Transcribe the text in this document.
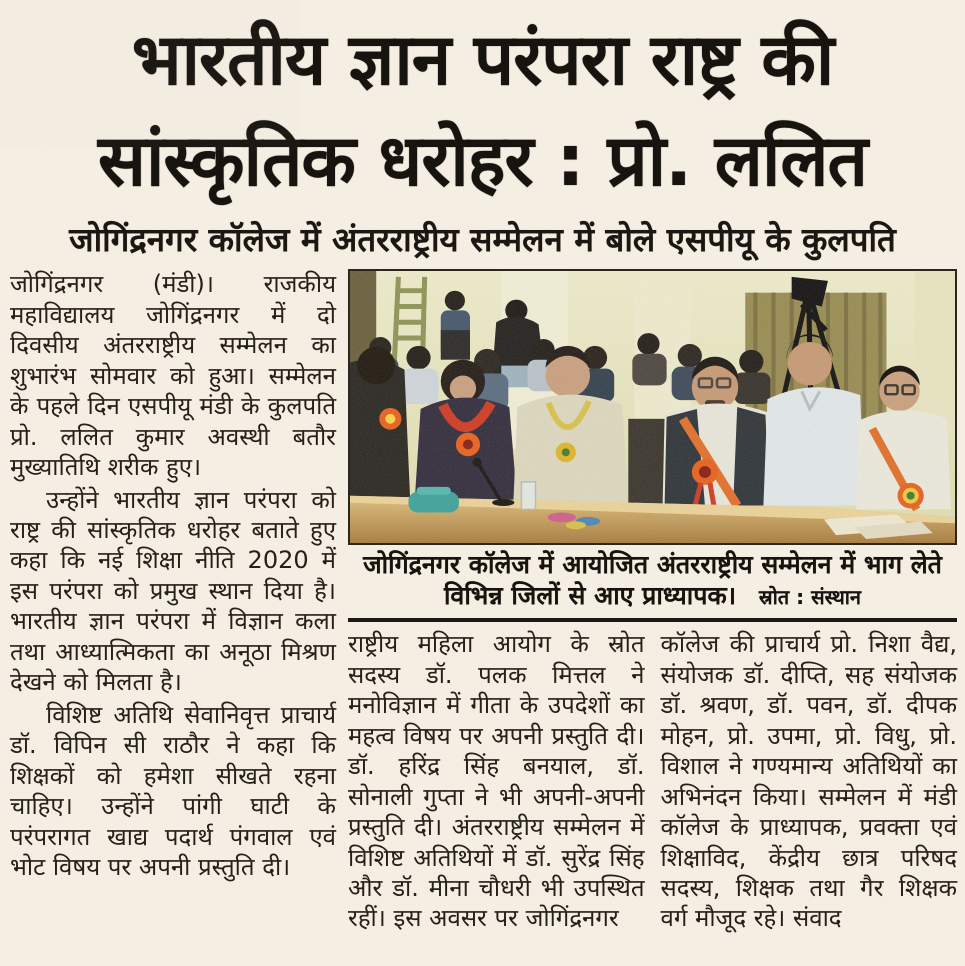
भारतीय ज्ञान परंपरा राष्ट्र की
सांस्कृतिक धरोहर : प्रो. ललित
जोगिंद्रनगर कॉलेज में अंतरराष्ट्रीय सम्मेलन में बोले एसपीयू के कुलपति

जोगिंद्रनगर (मंडी)। राजकीय महाविद्यालय जोगिंद्रनगर में दो दिवसीय अंतरराष्ट्रीय सम्मेलन का शुभारंभ सोमवार को हुआ। सम्मेलन के पहले दिन एसपीयू मंडी के कुलपति प्रो. ललित कुमार अवस्थी बतौर मुख्यातिथि शरीक हुए।

उन्होंने भारतीय ज्ञान परंपरा को राष्ट्र की सांस्कृतिक धरोहर बताते हुए कहा कि नई शिक्षा नीति 2020 में इस परंपरा को प्रमुख स्थान दिया है। भारतीय ज्ञान परंपरा में विज्ञान कला तथा आध्यात्मिकता का अनूठा मिश्रण देखने को मिलता है।

विशिष्ट अतिथि सेवानिवृत्त प्राचार्य डॉ. विपिन सी राठौर ने कहा कि शिक्षकों को हमेशा सीखते रहना चाहिए। उन्होंने पांगी घाटी के परंपरागत खाद्य पदार्थ पंगवाल एवं भोट विषय पर अपनी प्रस्तुति दी।

जोगिंद्रनगर कॉलेज में आयोजित अंतरराष्ट्रीय सम्मेलन में भाग लेते विभिन्न जिलों से आए प्राध्यापक। स्रोत : संस्थान
राष्ट्रीय महिला आयोग के स्रोत सदस्य डॉ. पलक मित्तल ने मनोविज्ञान में गीता के उपदेशों का महत्व विषय पर अपनी प्रस्तुति दी। डॉ. हरिंद्र सिंह बनयाल, डॉ. सोनाली गुप्ता ने भी अपनी-अपनी प्रस्तुति दी। अंतरराष्ट्रीय सम्मेलन में विशिष्ट अतिथियों में डॉ. सुरेंद्र सिंह और डॉ. मीना चौधरी भी उपस्थित रहीं। इस अवसर पर जोगिंद्रनगर
कॉलेज की प्राचार्य प्रो. निशा वैद्य, संयोजक डॉ. दीप्ति, सह संयोजक डॉ. श्रवण, डॉ. पवन, डॉ. दीपक मोहन, प्रो. उपमा, प्रो. विधु, प्रो. विशाल ने गण्यमान्य अतिथियों का अभिनंदन किया। सम्मेलन में मंडी कॉलेज के प्राध्यापक, प्रवक्ता एवं शिक्षाविद, केंद्रीय छात्र परिषद सदस्य, शिक्षक तथा गैर शिक्षक वर्ग मौजूद रहे। संवाद
